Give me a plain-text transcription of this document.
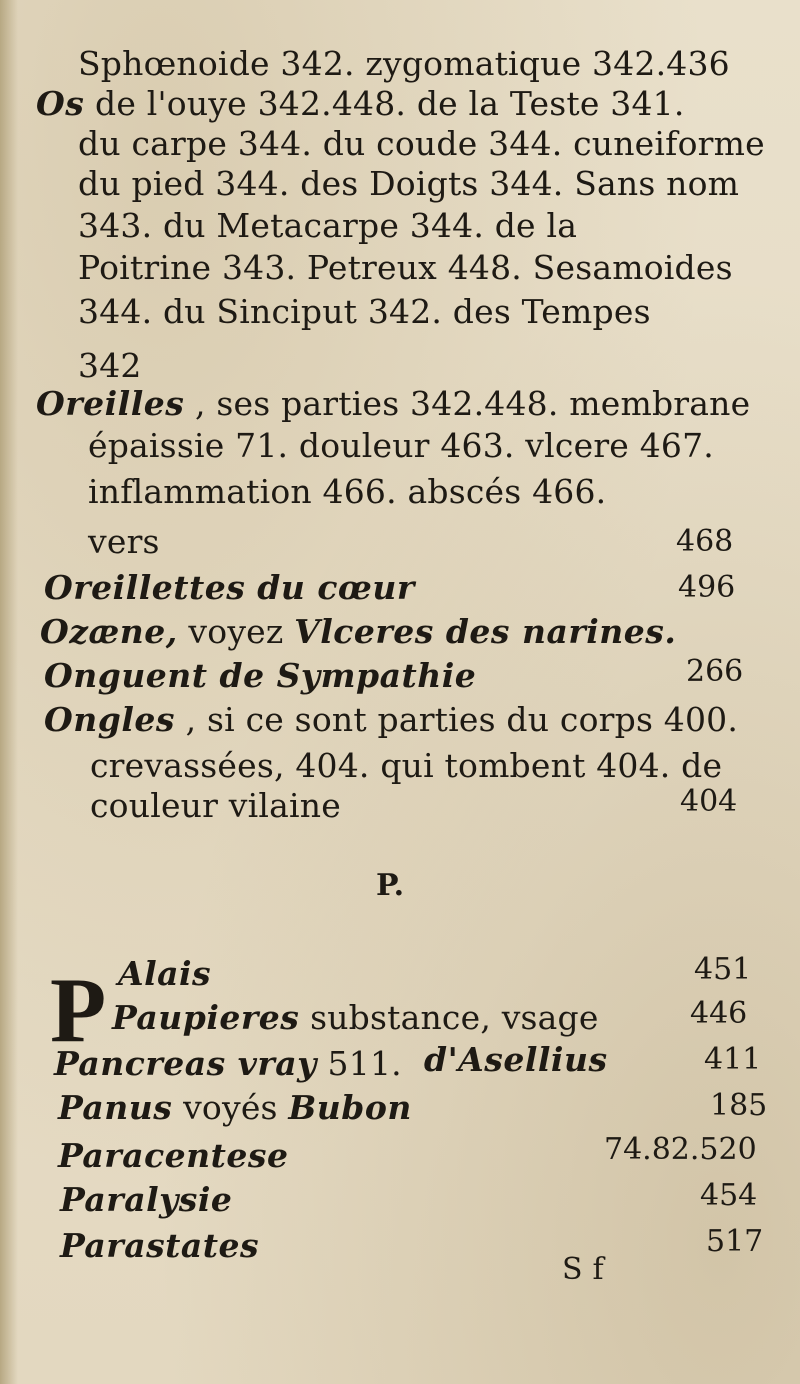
Sphœnoide 342. zygomatique 342.436
Os de l'ouye 342.448. de la Teste 341.
du carpe 344. du coude 344. cuneiforme
du pied 344. des Doigts 344. Sans nom
343. du Metacarpe 344. de la
Poitrine 343. Petreux 448. Sesamoides
344. du Sinciput 342. des Tempes
342
Oreilles , ses parties 342.448. membrane
épaissie 71. douleur 463. vlcere 467.
inflammation 466. abscés 466.
vers	468
Oreillettes du cœur	496
Ozæne, voyez Vlceres des narines.
Onguent de Sympathie	266
Ongles , si ce sont parties du corps 400.
crevassées, 404. qui tombent 404. de
couleur vilaine	404
P.
P Alais	451
Paupieres substance, vsage	446
Pancreas vray 511. d'Asellius	411
Panus voyés Bubon	185
Paracentese	74.82.520
Paralysie	454
Parastates	517
S f
